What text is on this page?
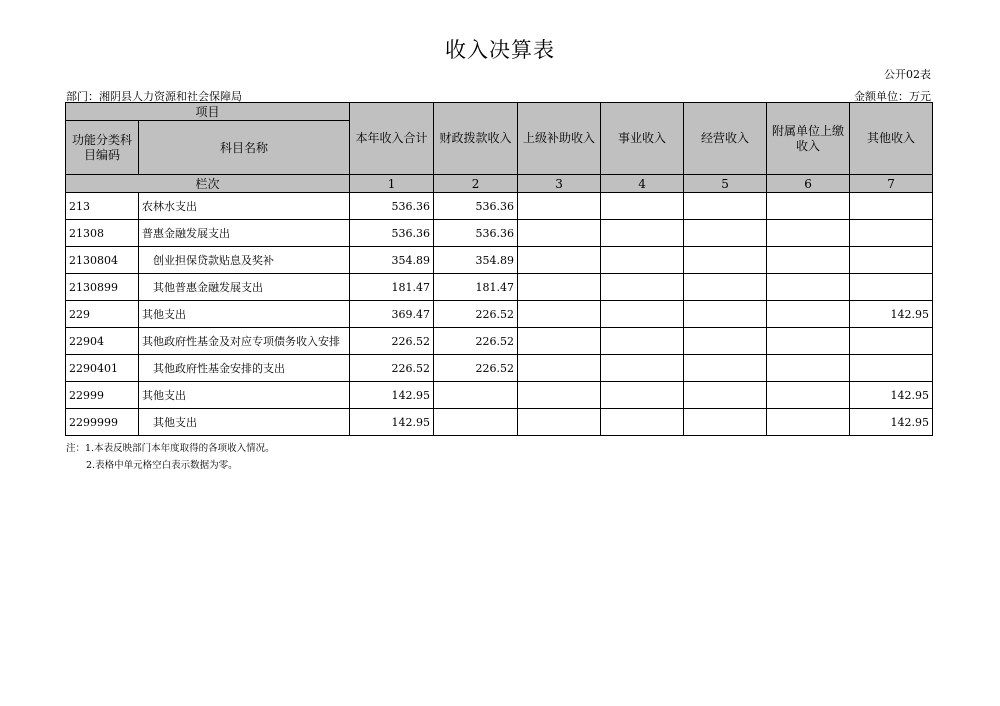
收入决算表
公开02表
部门：湘阴县人力资源和社会保障局	金额单位：万元
项目		本年收入合计	财政拨款收入	上级补助收入	事业收入	经营收入	附属单位上缴收入	其他收入
功能分类科目编码	科目名称							
栏次		1	2	3	4	5	6	7
213	农林水支出	536.36	536.36					
21308	普惠金融发展支出	536.36	536.36					
2130804	创业担保贷款贴息及奖补	354.89	354.89					
2130899	其他普惠金融发展支出	181.47	181.47					
229	其他支出	369.47	226.52					142.95
22904	其他政府性基金及对应专项债务收入安排	226.52	226.52					
2290401	其他政府性基金安排的支出	226.52	226.52					
22999	其他支出	142.95						142.95
2299999	其他支出	142.95						142.95
注：1.本表反映部门本年度取得的各项收入情况。
2.表格中单元格空白表示数据为零。
